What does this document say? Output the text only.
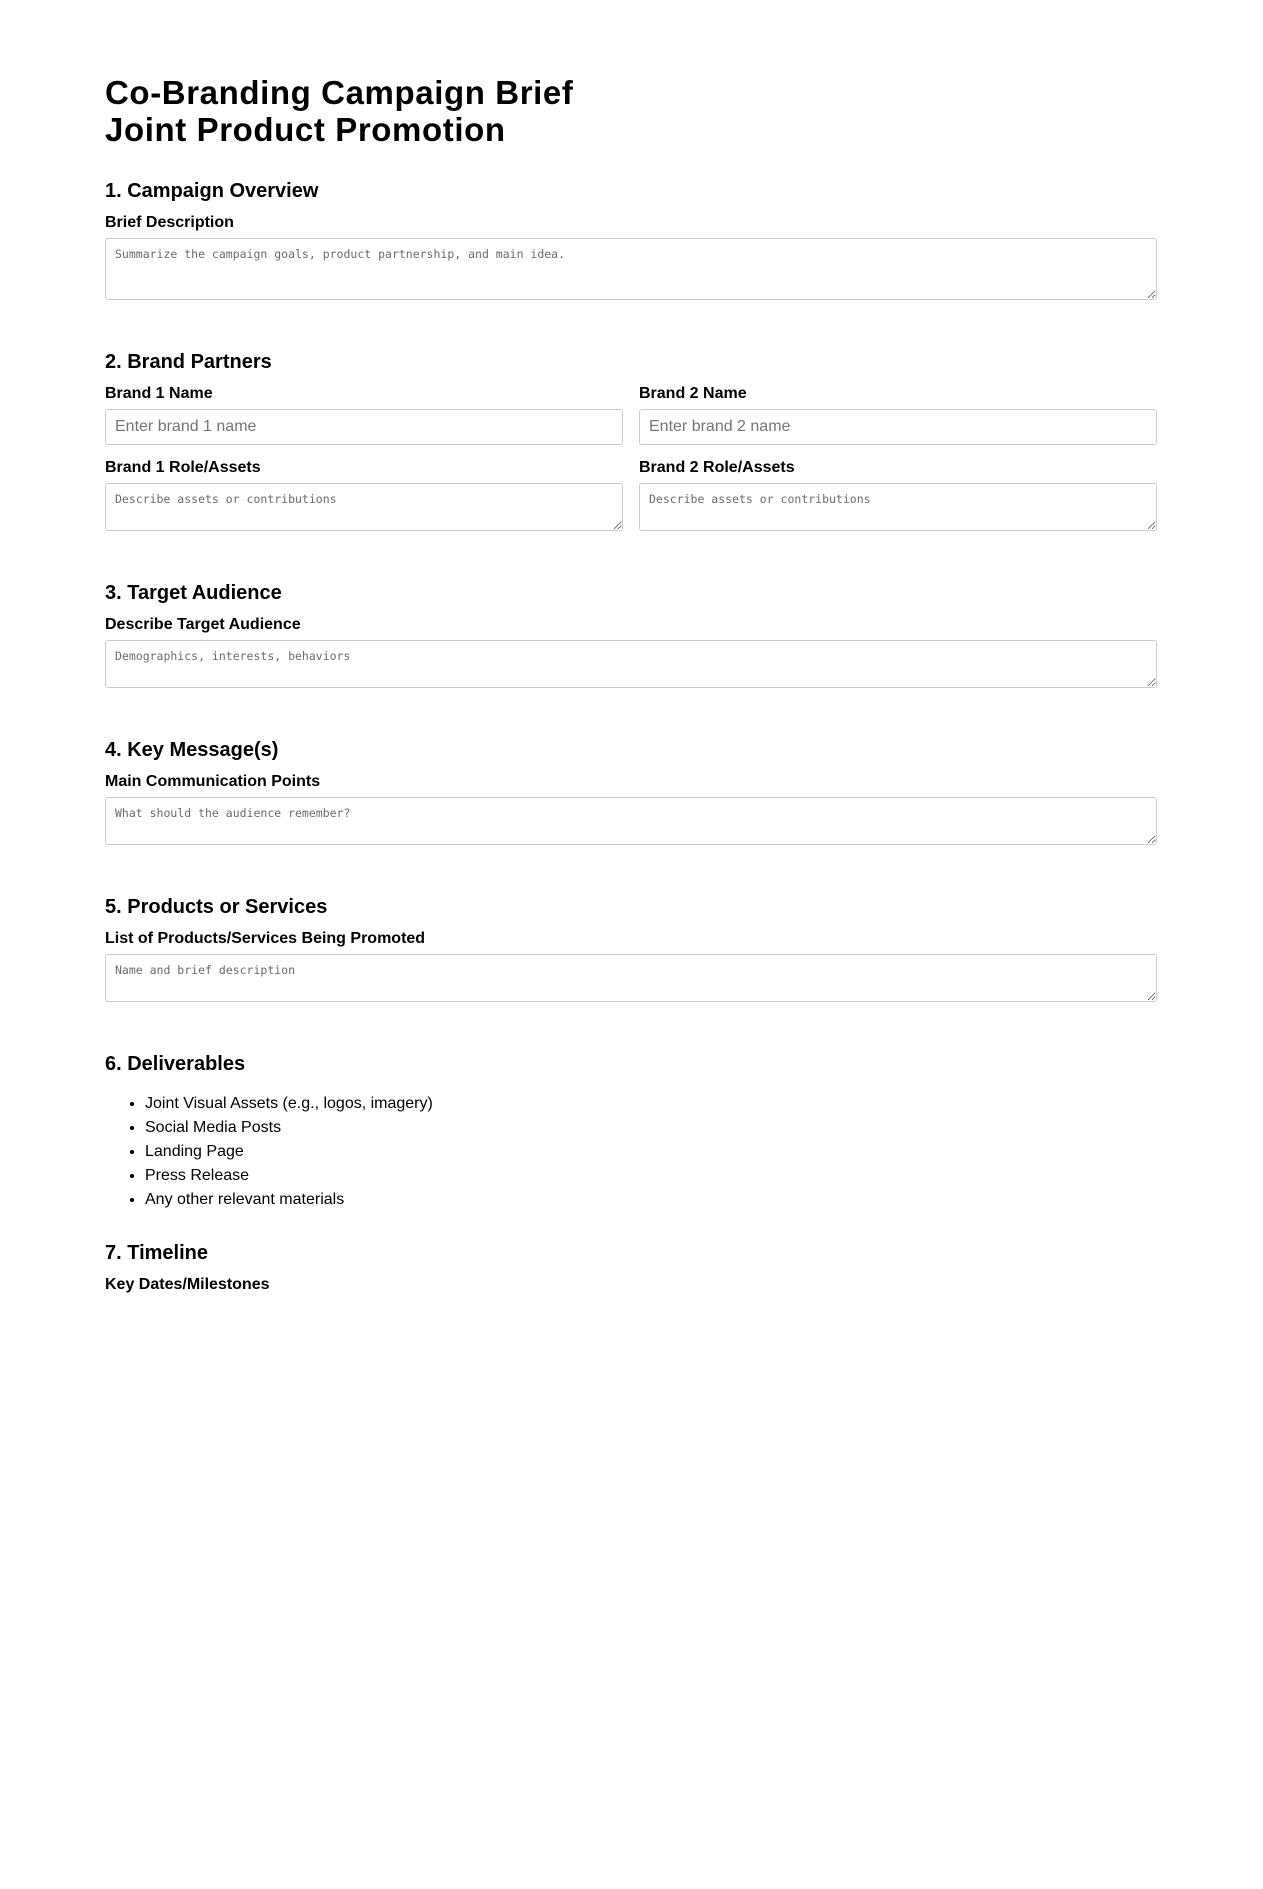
Co-Branding Campaign Brief
Joint Product Promotion
1. Campaign Overview
Brief Description
Summarize the campaign goals, product partnership, and main idea.
2. Brand Partners
Brand 1 Name
Enter brand 1 name	Brand 2 Name
Enter brand 2 name
Brand 1 Role/Assets
Describe assets or contributions	Brand 2 Role/Assets
Describe assets or contributions
3. Target Audience
Describe Target Audience
Demographics, interests, behaviors
4. Key Message(s)
Main Communication Points
What should the audience remember?
5. Products or Services
List of Products/Services Being Promoted
Name and brief description
6. Deliverables
• Joint Visual Assets (e.g., logos, imagery)
• Social Media Posts
• Landing Page
• Press Release
• Any other relevant materials
7. Timeline
Key Dates/Milestones
